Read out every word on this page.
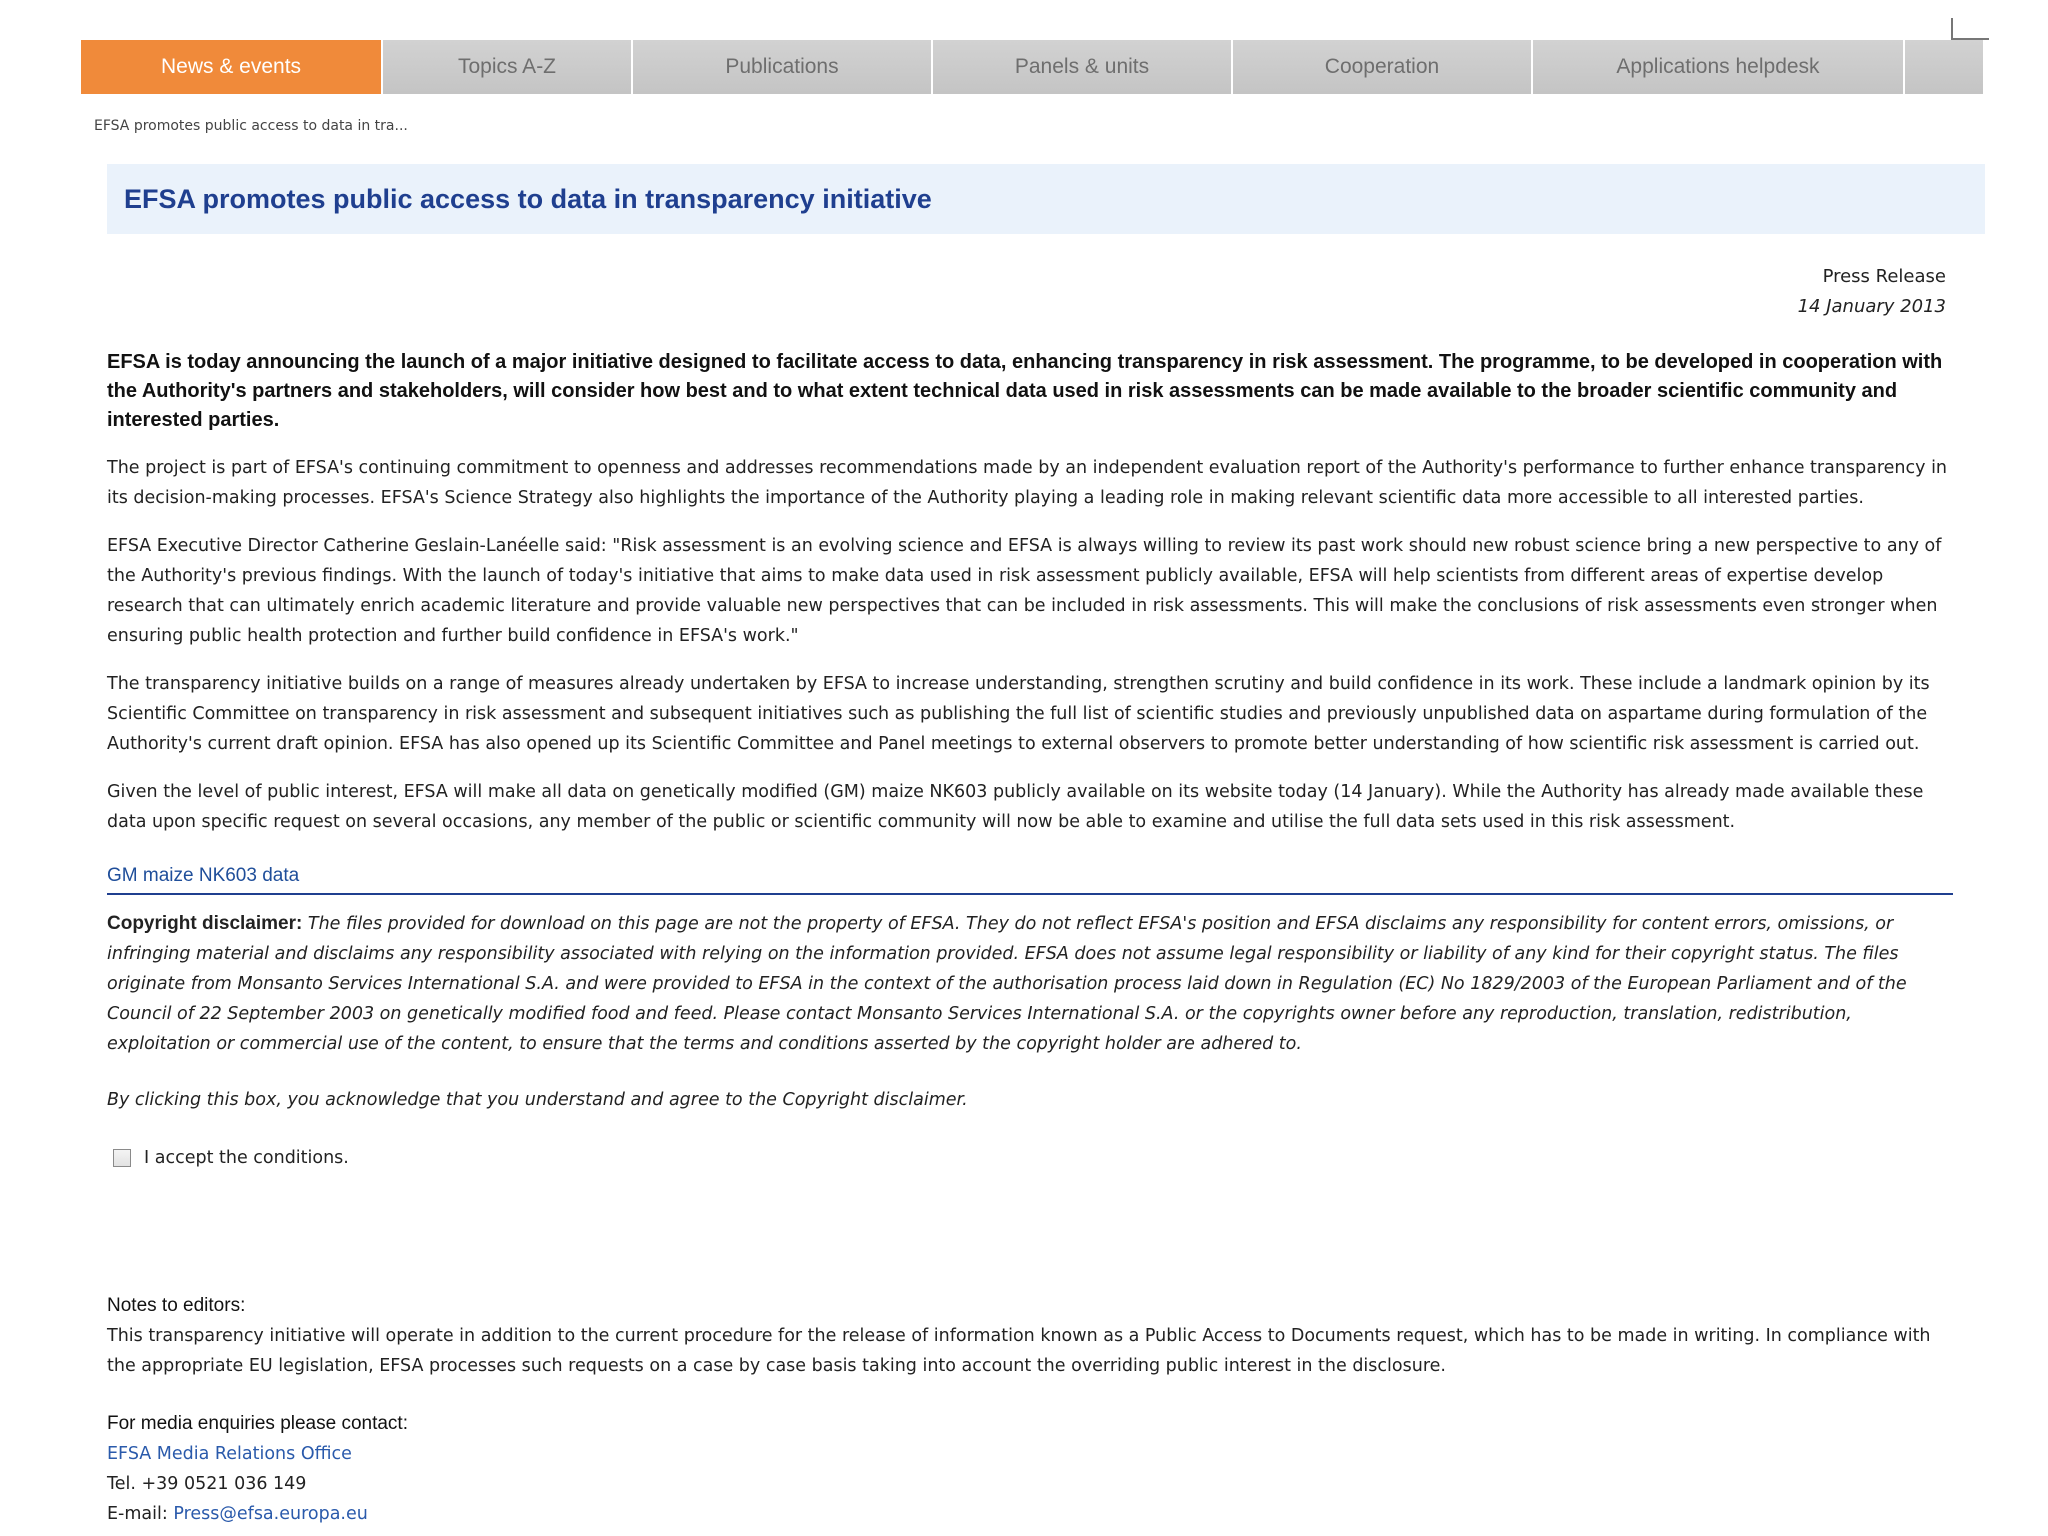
News & events	Topics A-Z	Publications	Panels & units	Cooperation	Applications helpdesk
EFSA promotes public access to data in tra...
EFSA promotes public access to data in transparency initiative
Press Release
14 January 2013

EFSA is today announcing the launch of a major initiative designed to facilitate access to data, enhancing transparency in risk assessment. The programme, to be developed in cooperation with the Authority's partners and stakeholders, will consider how best and to what extent technical data used in risk assessments can be made available to the broader scientific community and interested parties.

The project is part of EFSA's continuing commitment to openness and addresses recommendations made by an independent evaluation report of the Authority's performance to further enhance transparency in its decision-making processes. EFSA's Science Strategy also highlights the importance of the Authority playing a leading role in making relevant scientific data more accessible to all interested parties.

EFSA Executive Director Catherine Geslain-Lanéelle said: "Risk assessment is an evolving science and EFSA is always willing to review its past work should new robust science bring a new perspective to any of the Authority's previous findings. With the launch of today's initiative that aims to make data used in risk assessment publicly available, EFSA will help scientists from different areas of expertise develop research that can ultimately enrich academic literature and provide valuable new perspectives that can be included in risk assessments. This will make the conclusions of risk assessments even stronger when ensuring public health protection and further build confidence in EFSA's work."

The transparency initiative builds on a range of measures already undertaken by EFSA to increase understanding, strengthen scrutiny and build confidence in its work. These include a landmark opinion by its Scientific Committee on transparency in risk assessment and subsequent initiatives such as publishing the full list of scientific studies and previously unpublished data on aspartame during formulation of the Authority's current draft opinion. EFSA has also opened up its Scientific Committee and Panel meetings to external observers to promote better understanding of how scientific risk assessment is carried out.

Given the level of public interest, EFSA will make all data on genetically modified (GM) maize NK603 publicly available on its website today (14 January). While the Authority has already made available these data upon specific request on several occasions, any member of the public or scientific community will now be able to examine and utilise the full data sets used in this risk assessment.

GM maize NK603 data

Copyright disclaimer: The files provided for download on this page are not the property of EFSA. They do not reflect EFSA's position and EFSA disclaims any responsibility for content errors, omissions, or infringing material and disclaims any responsibility associated with relying on the information provided. EFSA does not assume legal responsibility or liability of any kind for their copyright status. The files originate from Monsanto Services International S.A. and were provided to EFSA in the context of the authorisation process laid down in Regulation (EC) No 1829/2003 of the European Parliament and of the Council of 22 September 2003 on genetically modified food and feed. Please contact Monsanto Services International S.A. or the copyrights owner before any reproduction, translation, redistribution, exploitation or commercial use of the content, to ensure that the terms and conditions asserted by the copyright holder are adhered to.

By clicking this box, you acknowledge that you understand and agree to the Copyright disclaimer.

I accept the conditions.
Notes to editors:
This transparency initiative will operate in addition to the current procedure for the release of information known as a Public Access to Documents request, which has to be made in writing. In compliance with the appropriate EU legislation, EFSA processes such requests on a case by case basis taking into account the overriding public interest in the disclosure.
For media enquiries please contact:
EFSA Media Relations Office
Tel. +39 0521 036 149
E-mail: Press@efsa.europa.eu
